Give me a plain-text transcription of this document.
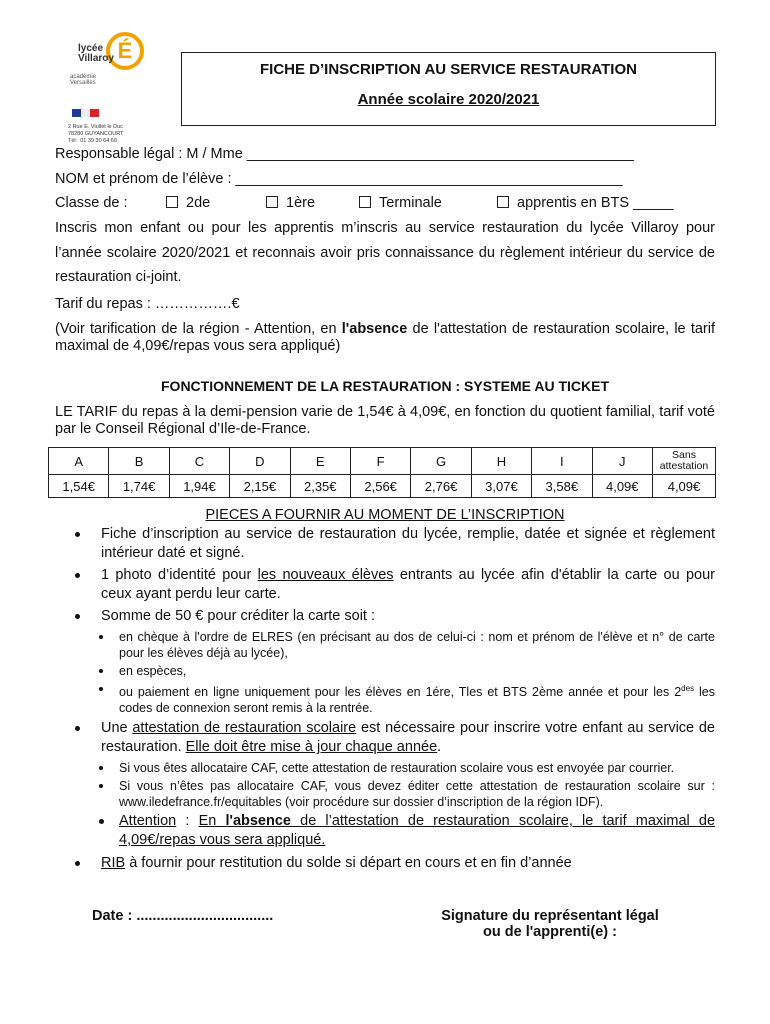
É
lycée
Villaroy
académie
Versailles
2 Rue E. Viollet le Duc
78280 GUYANCOURT
Tél : 01 39 30 64 60
FICHE D’INSCRIPTION AU SERVICE RESTAURATION
Année scolaire 2020/2021
Responsable légal : M / Mme ________________________________________________
NOM et prénom de l’élève : ________________________________________________
Classe de :	2de	1ère	Terminale	apprentis en BTS _____
Inscris mon enfant ou pour les apprentis m’inscris au service restauration du lycée Villaroy pour l’année scolaire 2020/2021 et reconnais avoir pris connaissance du règlement intérieur du service de restauration ci-joint.
Tarif du repas : …………….€
(Voir tarification de la région - Attention, en l'absence de l'attestation de restauration scolaire, le tarif maximal de 4,09€/repas vous sera appliqué)
FONCTIONNEMENT DE LA RESTAURATION : SYSTEME AU TICKET
LE TARIF du repas à la demi-pension varie de 1,54€ à 4,09€, en fonction du quotient familial, tarif voté par le Conseil Régional d’Ile-de-France.
A	B	C	D	E	F	G	H	I	J	Sans attestation
1,54€	1,74€	1,94€	2,15€	2,35€	2,56€	2,76€	3,07€	3,58€	4,09€	4,09€
PIECES A FOURNIR AU MOMENT DE L’INSCRIPTION
Fiche d’inscription au service de restauration du lycée, remplie, datée et signée et règlement intérieur daté et signé.
1 photo d’identité pour les nouveaux élèves entrants au lycée afin d'établir la carte ou pour ceux ayant perdu leur carte.
Somme de 50 € pour créditer la carte soit :
en chèque à l'ordre de ELRES (en précisant au dos de celui-ci : nom et prénom de l'élève et n° de carte pour les élèves déjà au lycée),
en espèces,
ou paiement en ligne uniquement pour les élèves en 1ére, Tles et BTS 2ème année et pour les $2^{des}$ les codes de connexion seront remis à la rentrée.
Une attestation de restauration scolaire est nécessaire pour inscrire votre enfant au service de restauration. Elle doit être mise à jour chaque année.
Si vous êtes allocataire CAF, cette attestation de restauration scolaire vous est envoyée par courrier.
Si vous n’êtes pas allocataire CAF, vous devez éditer cette attestation de restauration scolaire sur : www.iledefrance.fr/equitables (voir procédure sur dossier d’inscription de la région IDF).
Attention : En l'absence de l’attestation de restauration scolaire, le tarif maximal de 4,09€/repas vous sera appliqué.
RIB à fournir pour restitution du solde si départ en cours et en fin d’année
Date : ..................................	Signature du représentant légal
ou de l'apprenti(e) :
